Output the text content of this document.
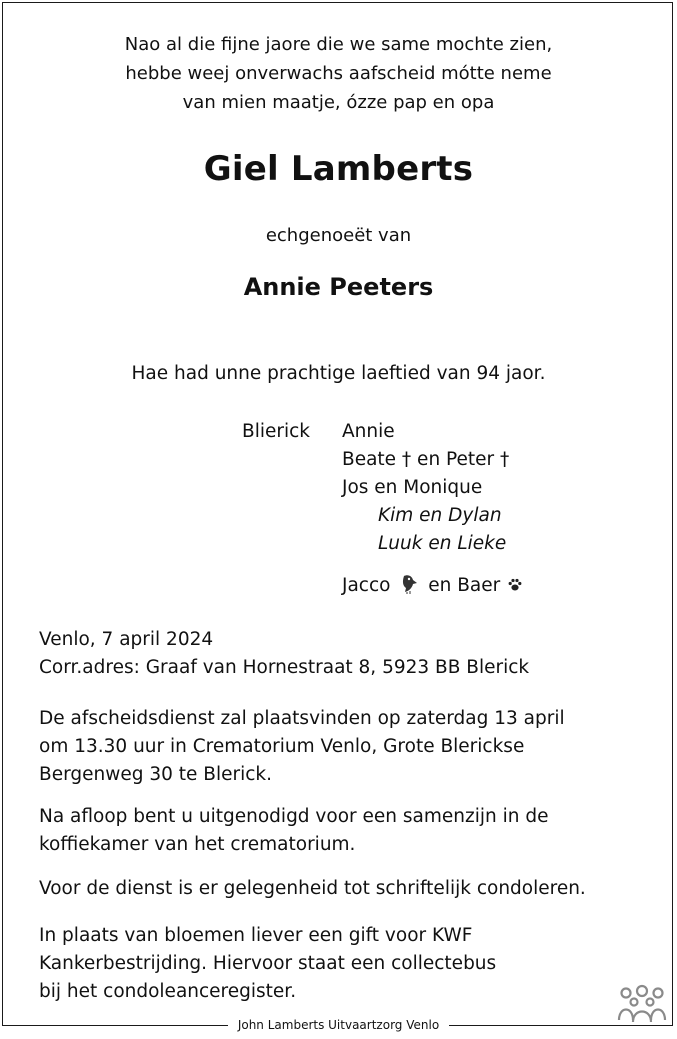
Nao al die fijne jaore die we same mochte zien,
hebbe weej onverwachs aafscheid mótte neme
van mien maatje, ózze pap en opa
Giel Lamberts
echgenoeët van
Annie Peeters
Hae had unne prachtige laeftied van 94 jaor.
Blierick Annie
Beate † en Peter †
Jos en Monique
Kim en Dylan
Luuk en Lieke
Jacco en Baer
Venlo, 7 april 2024
Corr.adres: Graaf van Hornestraat 8, 5923 BB Blerick
De afscheidsdienst zal plaatsvinden op zaterdag 13 april
om 13.30 uur in Crematorium Venlo, Grote Blerickse
Bergenweg 30 te Blerick.
Na afloop bent u uitgenodigd voor een samenzijn in de
koffiekamer van het crematorium.
Voor de dienst is er gelegenheid tot schriftelijk condoleren.
In plaats van bloemen liever een gift voor KWF
Kankerbestrijding. Hiervoor staat een collectebus
bij het condoleanceregister.
John Lamberts Uitvaartzorg Venlo
